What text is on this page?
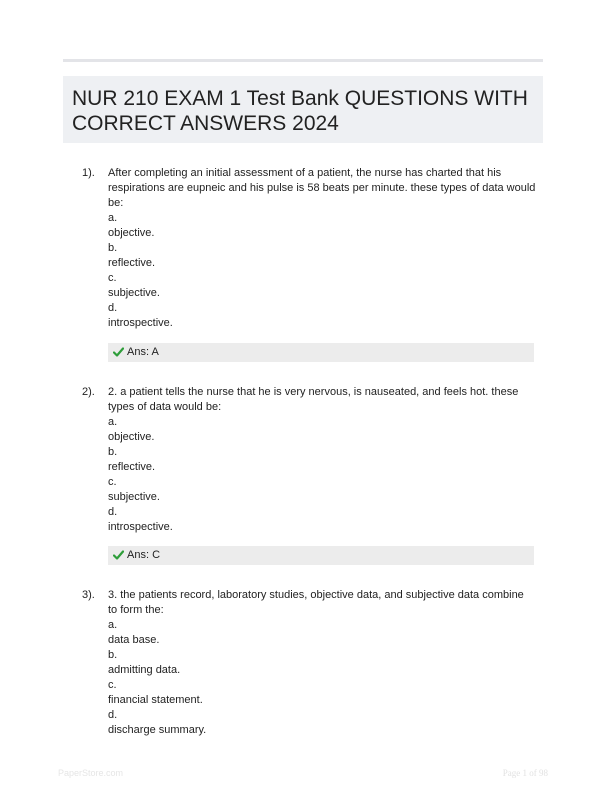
NUR 210 EXAM 1 Test Bank QUESTIONS WITH CORRECT ANSWERS 2024
1). After completing an initial assessment of a patient, the nurse has charted that his respirations are eupneic and his pulse is 58 beats per minute. these types of data would be:
a.
objective.
b.
reflective.
c.
subjective.
d.
introspective.
Ans: A
2). 2. a patient tells the nurse that he is very nervous, is nauseated, and feels hot. these types of data would be:
a.
objective.
b.
reflective.
c.
subjective.
d.
introspective.
Ans: C
3). 3. the patients record, laboratory studies, objective data, and subjective data combine to form the:
a.
data base.
b.
admitting data.
c.
financial statement.
d.
discharge summary.
PaperStore.com	Page 1 of 98
